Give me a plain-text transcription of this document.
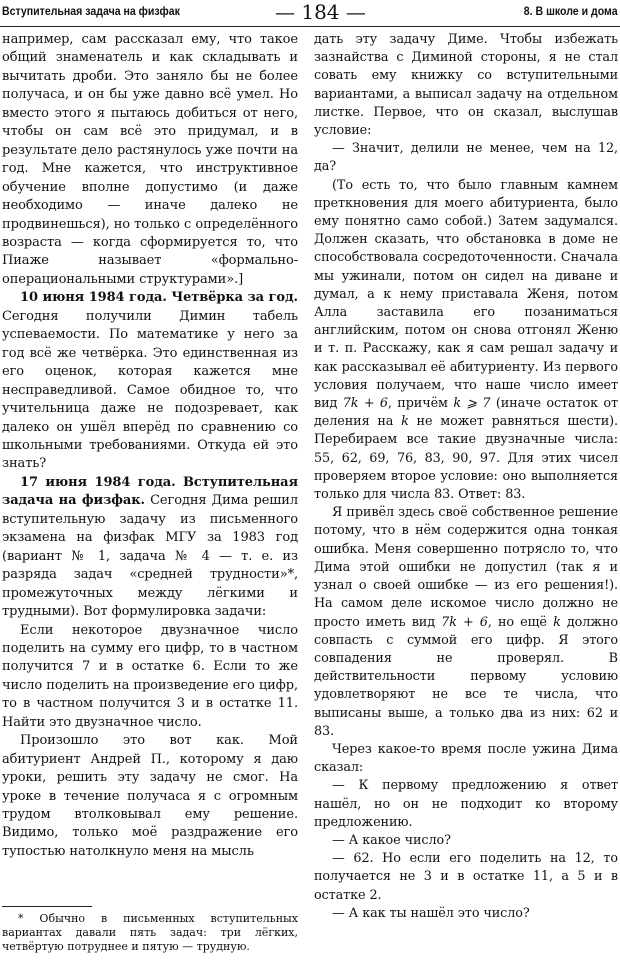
Вступительная задача на физфак	— 184 —	8. В школе и дома

например, сам рассказал ему, что такое общий знаменатель и как складывать и вычитать дроби. Это заняло бы не более получаса, и он бы уже давно всё умел. Но вместо этого я пытаюсь добиться от него, чтобы он сам всё это придумал, и в результате дело растянулось уже почти на год. Мне кажется, что инструктивное обучение вполне допустимо (и даже необходимо — иначе далеко не продвинешься), но только с определённого возраста — когда сформируется то, что Пиаже называет «формально-операциональными структурами».]

10 июня 1984 года. Четвёрка за год. Сегодня получили Димин табель успеваемости. По математике у него за год всё же четвёрка. Это единственная из его оценок, которая кажется мне несправедливой. Самое обидное то, что учительница даже не подозревает, как далеко он ушёл вперёд по сравнению со школьными требованиями. Откуда ей это знать?

17 июня 1984 года. Вступительная задача на физфак. Сегодня Дима решил вступительную задачу из письменного экзамена на физфак МГУ за 1983 год (вариант № 1, задача № 4 — т. е. из разряда задач «средней трудности»*, промежуточных между лёгкими и трудными). Вот формулировка задачи:

Если некоторое двузначное число поделить на сумму его цифр, то в частном получится 7 и в остатке 6. Если то же число поделить на произведение его цифр, то в частном получится 3 и в остатке 11. Найти это двузначное число.

Произошло это вот как. Мой абитуриент Андрей П., которому я даю уроки, решить эту задачу не смог. На уроке в течение получаса я с огромным трудом втолковывал ему решение. Видимо, только моё раздражение его тупостью натолкнуло меня на мысль

дать эту задачу Диме. Чтобы избежать зазнайства с Диминой стороны, я не стал совать ему книжку со вступительными вариантами, а выписал задачу на отдельном листке. Первое, что он сказал, выслушав условие:

— Значит, делили не менее, чем на 12, да?

(То есть то, что было главным камнем преткновения для моего абитуриента, было ему понятно само собой.) Затем задумался. Должен сказать, что обстановка в доме не способствовала сосредоточенности. Сначала мы ужинали, потом он сидел на диване и думал, а к нему приставала Женя, потом Алла заставила его позаниматься английским, потом он снова отгонял Женю и т. п. Расскажу, как я сам решал задачу и как рассказывал её абитуриенту. Из первого условия получаем, что наше число имеет вид 7k + 6, причём k ⩾ 7 (иначе остаток от деления на k не может равняться шести). Перебираем все такие двузначные числа: 55, 62, 69, 76, 83, 90, 97. Для этих чисел проверяем второе условие: оно выполняется только для числа 83. Ответ: 83.

Я привёл здесь своё собственное решение потому, что в нём содержится одна тонкая ошибка. Меня совершенно потрясло то, что Дима этой ошибки не допустил (так я и узнал о своей ошибке — из его решения!). На самом деле искомое число должно не просто иметь вид 7k + 6, но ещё k должно совпасть с суммой его цифр. Я этого совпадения не проверял. В действительности первому условию удовлетворяют не все те числа, что выписаны выше, а только два из них: 62 и 83.

Через какое-то время после ужина Дима сказал:

— К первому предложению я ответ нашёл, но он не подходит ко второму предложению.

— А какое число?

— 62. Но если его поделить на 12, то получается не 3 и в остатке 11, а 5 и в остатке 2.

— А как ты нашёл это число?

* Обычно в письменных вступительных вариантах давали пять задач: три лёгких, четвёртую потруднее и пятую — трудную.
